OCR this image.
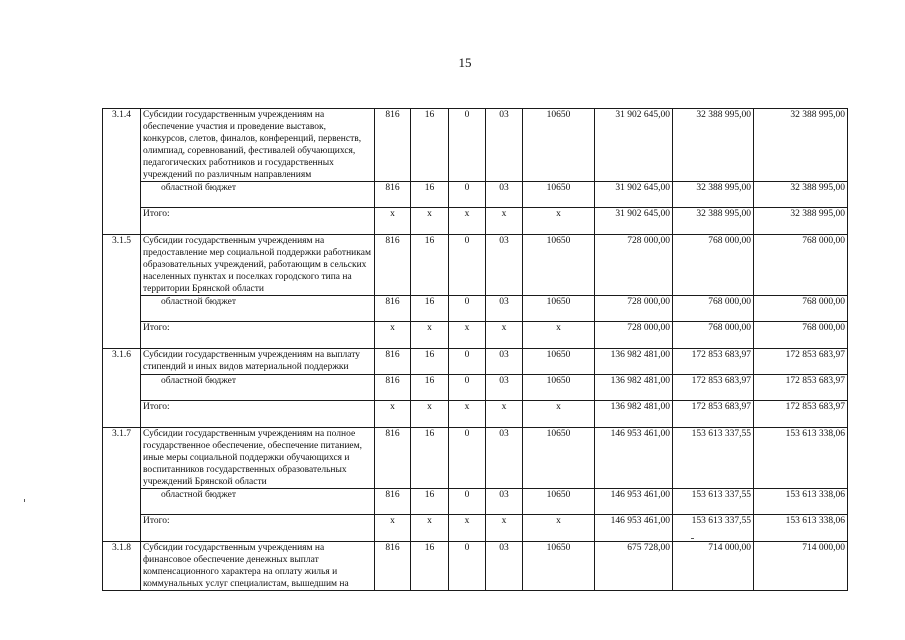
15
3.1.4	Субсидии государственным учреждениям на обеспечение участия и проведение выставок, конкурсов, слетов, финалов, конференций, первенств, олимпиад, соревнований, фестивалей обучающихся, педагогических работников и государственных учреждений по различным направлениям	816	16	0	03	10650	31 902 645,00	32 388 995,00	32 388 995,00
	областной бюджет	816	16	0	03	10650	31 902 645,00	32 388 995,00	32 388 995,00
	Итого:	x	x	x	x	x	31 902 645,00	32 388 995,00	32 388 995,00
3.1.5	Субсидии государственным учреждениям на предоставление мер социальной поддержки работникам образовательных учреждений, работающим в сельских населенных пунктах и поселках городского типа на территории Брянской области	816	16	0	03	10650	728 000,00	768 000,00	768 000,00
	областной бюджет	816	16	0	03	10650	728 000,00	768 000,00	768 000,00
	Итого:	x	x	x	x	x	728 000,00	768 000,00	768 000,00
3.1.6	Субсидии государственным учреждениям на выплату стипендий и иных видов материальной поддержки	816	16	0	03	10650	136 982 481,00	172 853 683,97	172 853 683,97
	областной бюджет	816	16	0	03	10650	136 982 481,00	172 853 683,97	172 853 683,97
	Итого:	x	x	x	x	x	136 982 481,00	172 853 683,97	172 853 683,97
3.1.7	Субсидии государственным учреждениям на полное государственное обеспечение, обеспечение питанием, иные меры социальной поддержки обучающихся и воспитанников государственных образовательных учреждений Брянской области	816	16	0	03	10650	146 953 461,00	153 613 337,55	153 613 338,06
	областной бюджет	816	16	0	03	10650	146 953 461,00	153 613 337,55	153 613 338,06
	Итого:	x	x	x	x	x	146 953 461,00	153 613 337,55	153 613 338,06
3.1.8	Субсидии государственным учреждениям на финансовое обеспечение денежных выплат компенсационного характера на оплату жилья и коммунальных услуг специалистам, вышедшим на	816	16	0	03	10650	675 728,00	714 000,00	714 000,00
